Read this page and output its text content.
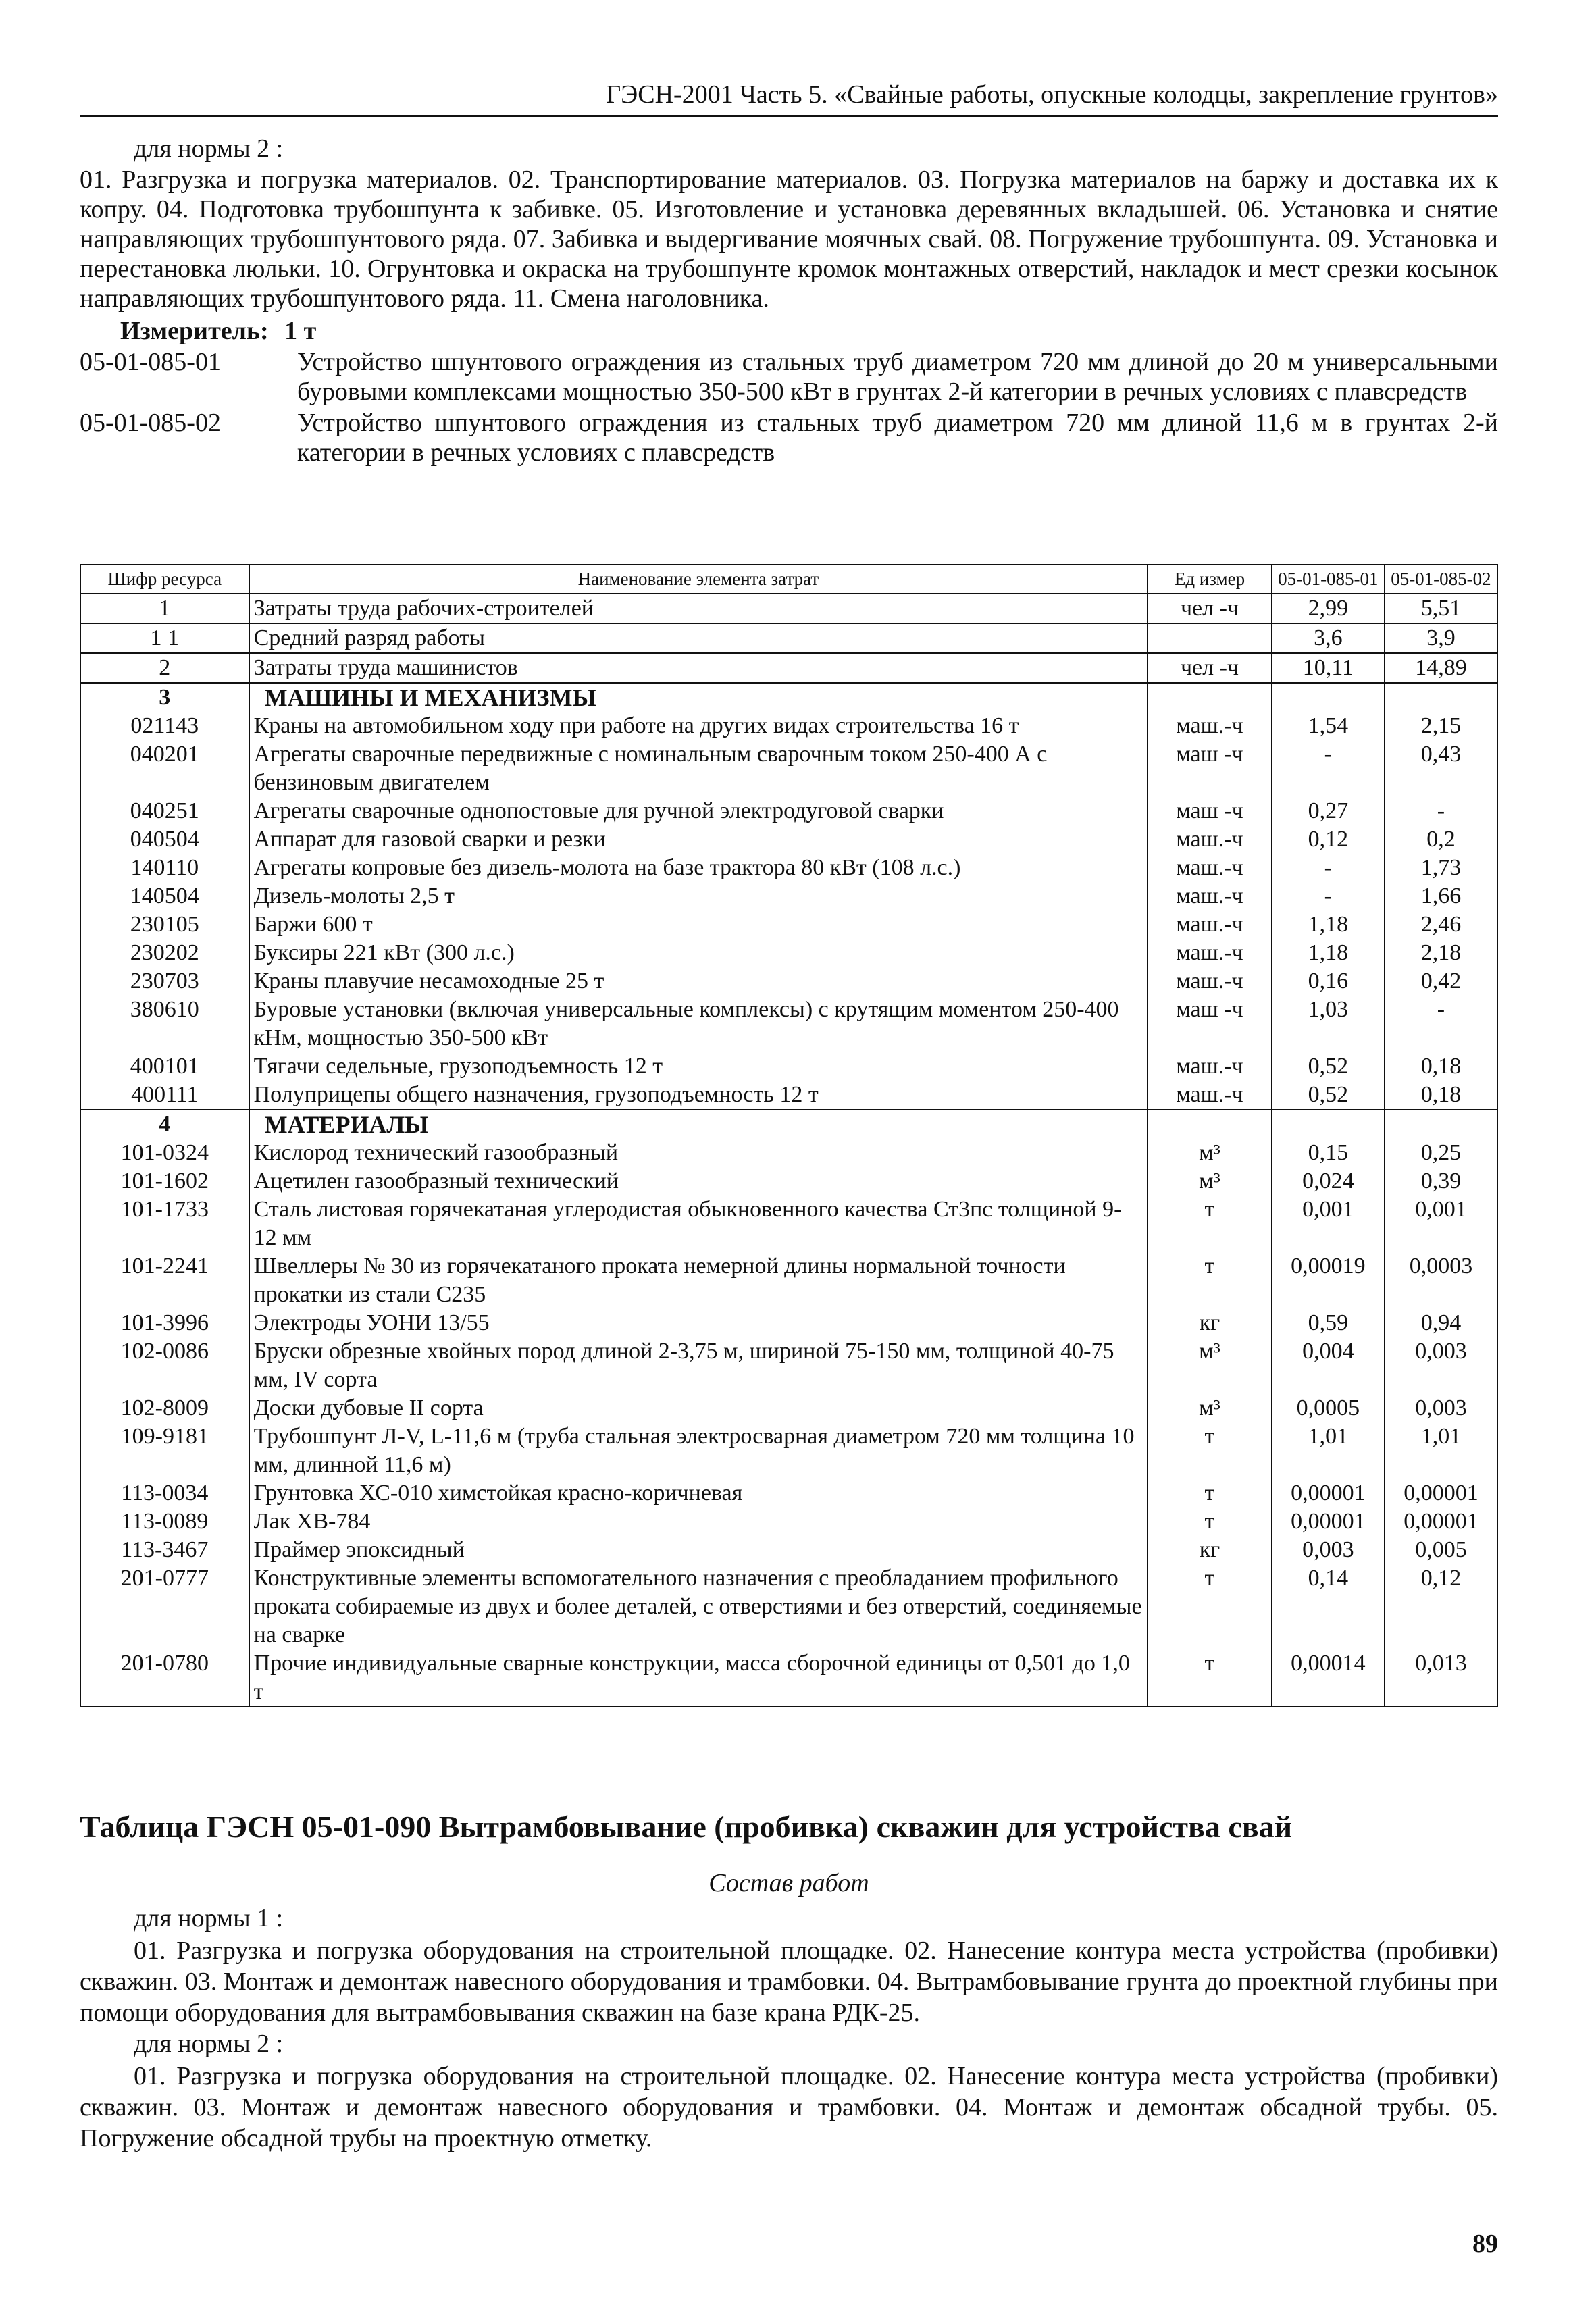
ГЭСН-2001 Часть 5. «Свайные работы, опускные колодцы, закрепление грунтов»
для нормы 2 :

01. Разгрузка и погрузка материалов. 02. Транспортирование материалов. 03. Погрузка материалов на баржу и доставка их к копру. 04. Подготовка трубошпунта к забивке. 05. Изготовление и установка деревянных вкладышей. 06. Установка и снятие направляющих трубошпунтового ряда. 07. Забивка и выдергивание моячных свай. 08. Погружение трубошпунта. 09. Установка и перестановка люльки. 10. Огрунтовка и окраска на трубошпунте кромок монтажных отверстий, накладок и мест срезки косынок направляющих трубошпунтового ряда. 11. Смена наголовника.

Измеритель: 1 т
05-01-085-01	Устройство шпунтового ограждения из стальных труб диаметром 720 мм длиной до 20 м универсальными буровыми комплексами мощностью 350-500 кВт в грунтах 2-й категории в речных условиях с плавсредств
05-01-085-02	Устройство шпунтового ограждения из стальных труб диаметром 720 мм длиной 11,6 м в грунтах 2-й категории в речных условиях с плавсредств
Шифр ресурса	Наименование элемента затрат	Ед измер	05-01-085-01	05-01-085-02
1	Затраты труда рабочих-строителей	чел -ч	2,99	5,51
1 1	Средний разряд работы		3,6	3,9
2	Затраты труда машинистов	чел -ч	10,11	14,89
3	МАШИНЫ И МЕХАНИЗМЫ			
021143	Краны на автомобильном ходу при работе на других видах строительства 16 т	маш.-ч	1,54	2,15
040201	Агрегаты сварочные передвижные с номинальным сварочным током 250-400 А с бензиновым двигателем	маш -ч	-	0,43
040251	Агрегаты сварочные однопостовые для ручной электродуговой сварки	маш -ч	0,27	-
040504	Аппарат для газовой сварки и резки	маш.-ч	0,12	0,2
140110	Агрегаты копровые без дизель-молота на базе трактора 80 кВт (108 л.с.)	маш.-ч	-	1,73
140504	Дизель-молоты 2,5 т	маш.-ч	-	1,66
230105	Баржи 600 т	маш.-ч	1,18	2,46
230202	Буксиры 221 кВт (300 л.с.)	маш.-ч	1,18	2,18
230703	Краны плавучие несамоходные 25 т	маш.-ч	0,16	0,42
380610	Буровые установки (включая универсальные комплексы) с крутящим моментом 250-400 кНм, мощностью 350-500 кВт	маш -ч	1,03	-
400101	Тягачи седельные, грузоподъемность 12 т	маш.-ч	0,52	0,18
400111	Полуприцепы общего назначения, грузоподъемность 12 т	маш.-ч	0,52	0,18
4	МАТЕРИАЛЫ			
101-0324	Кислород технический газообразный	м³	0,15	0,25
101-1602	Ацетилен газообразный технический	м³	0,024	0,39
101-1733	Сталь листовая горячекатаная углеродистая обыкновенного качества Ст3пс толщиной 9-12 мм	т	0,001	0,001
101-2241	Швеллеры № 30 из горячекатаного проката немерной длины нормальной точности прокатки из стали С235	т	0,00019	0,0003
101-3996	Электроды УОНИ 13/55	кг	0,59	0,94
102-0086	Бруски обрезные хвойных пород длиной 2-3,75 м, шириной 75-150 мм, толщиной 40-75 мм, IV сорта	м³	0,004	0,003
102-8009	Доски дубовые II сорта	м³	0,0005	0,003
109-9181	Трубошпунт Л-V, L-11,6 м (труба стальная электросварная диаметром 720 мм толщина 10 мм, длинной 11,6 м)	т	1,01	1,01
113-0034	Грунтовка ХС-010 химстойкая красно-коричневая	т	0,00001	0,00001
113-0089	Лак ХВ-784	т	0,00001	0,00001
113-3467	Праймер эпоксидный	кг	0,003	0,005
201-0777	Конструктивные элементы вспомогательного назначения с преобладанием профильного проката собираемые из двух и более деталей, с отверстиями и без отверстий, соединяемые на сварке	т	0,14	0,12
201-0780	Прочие индивидуальные сварные конструкции, масса сборочной единицы от 0,501 до 1,0 т	т	0,00014	0,013
Таблица ГЭСН 05-01-090 Вытрамбовывание (пробивка) скважин для устройства свай
Состав работ
для нормы 1 :

01. Разгрузка и погрузка оборудования на строительной площадке. 02. Нанесение контура места устройства (пробивки) скважин. 03. Монтаж и демонтаж навесного оборудования и трамбовки. 04. Вытрамбовывание грунта до проектной глубины при помощи оборудования для вытрамбовывания скважин на базе крана РДК-25.

для нормы 2 :

01. Разгрузка и погрузка оборудования на строительной площадке. 02. Нанесение контура места устройства (пробивки) скважин. 03. Монтаж и демонтаж навесного оборудования и трамбовки. 04. Монтаж и демонтаж обсадной трубы. 05. Погружение обсадной трубы на проектную отметку.

89
